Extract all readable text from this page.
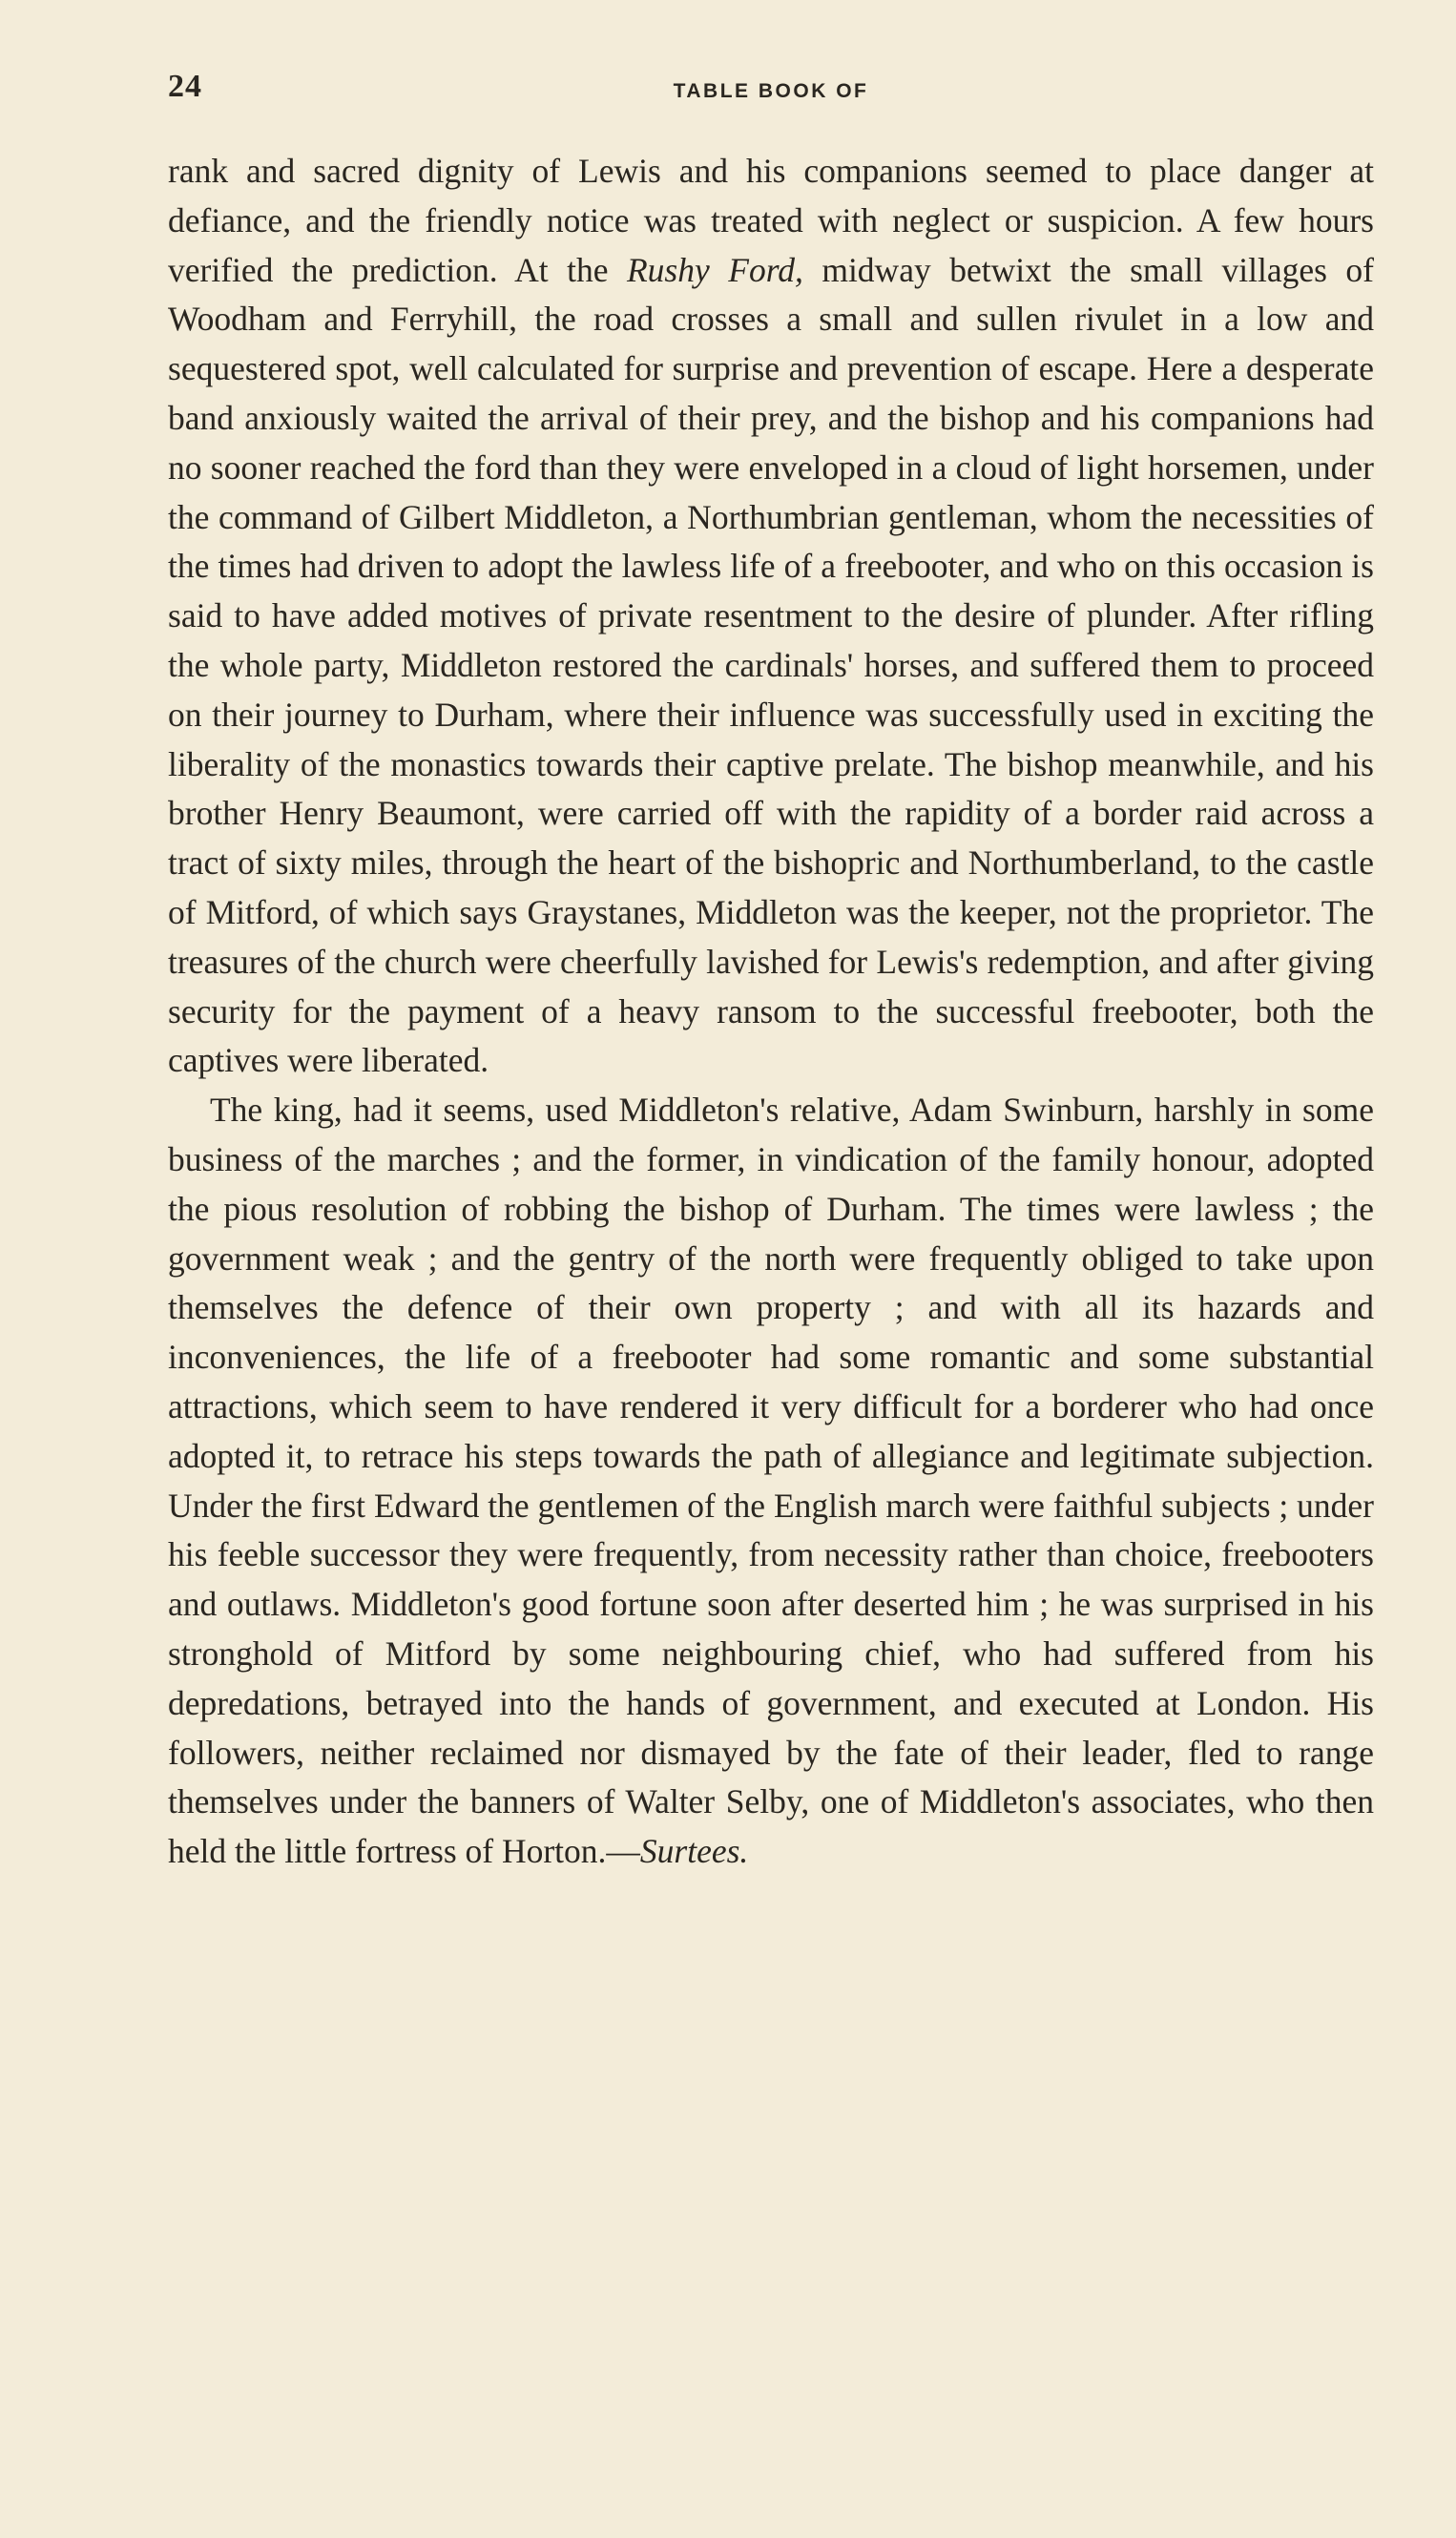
24	TABLE BOOK OF

rank and sacred dignity of Lewis and his companions seemed to place danger at defiance, and the friendly notice was treated with neglect or suspicion. A few hours verified the prediction. At the Rushy Ford, midway betwixt the small villages of Woodham and Ferryhill, the road crosses a small and sullen rivulet in a low and sequestered spot, well calculated for surprise and prevention of escape. Here a desperate band anxiously waited the arrival of their prey, and the bishop and his companions had no sooner reached the ford than they were enveloped in a cloud of light horsemen, under the command of Gilbert Middleton, a Northumbrian gentleman, whom the necessities of the times had driven to adopt the lawless life of a freebooter, and who on this occasion is said to have added motives of private resentment to the desire of plunder. After rifling the whole party, Middleton restored the cardinals' horses, and suffered them to proceed on their journey to Durham, where their influence was successfully used in exciting the liberality of the monastics towards their captive prelate. The bishop meanwhile, and his brother Henry Beaumont, were carried off with the rapidity of a border raid across a tract of sixty miles, through the heart of the bishopric and Northumberland, to the castle of Mitford, of which says Graystanes, Middleton was the keeper, not the proprietor. The treasures of the church were cheerfully lavished for Lewis's redemption, and after giving security for the payment of a heavy ransom to the successful freebooter, both the captives were liberated.

The king, had it seems, used Middleton's relative, Adam Swinburn, harshly in some business of the marches ; and the former, in vindication of the family honour, adopted the pious resolution of robbing the bishop of Durham. The times were lawless ; the government weak ; and the gentry of the north were frequently obliged to take upon themselves the defence of their own property ; and with all its hazards and inconveniences, the life of a freebooter had some romantic and some substantial attractions, which seem to have rendered it very difficult for a borderer who had once adopted it, to retrace his steps towards the path of allegiance and legitimate subjection. Under the first Edward the gentlemen of the English march were faithful subjects ; under his feeble successor they were frequently, from necessity rather than choice, freebooters and outlaws. Middleton's good fortune soon after deserted him ; he was surprised in his stronghold of Mitford by some neighbouring chief, who had suffered from his depredations, betrayed into the hands of government, and executed at London. His followers, neither reclaimed nor dismayed by the fate of their leader, fled to range themselves under the banners of Walter Selby, one of Middleton's associates, who then held the little fortress of Horton.—Surtees.
